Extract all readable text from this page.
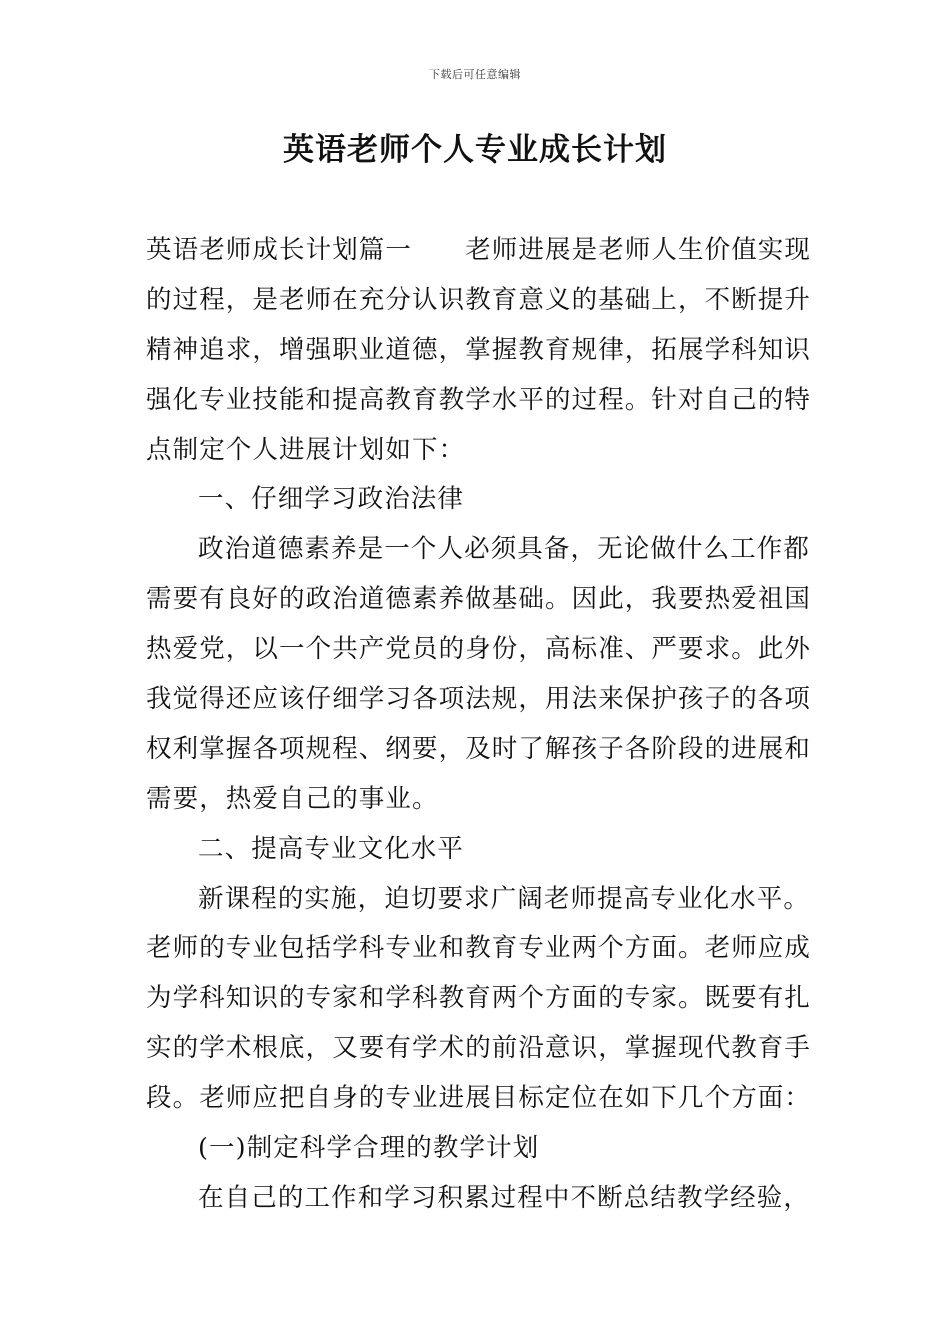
下载后可任意编辑
英语老师个人专业成长计划
英语老师成长计划篇一　　老师进展是老师人生价值实现
的过程，是老师在充分认识教育意义的基础上，不断提升
精神追求，增强职业道德，掌握教育规律，拓展学科知识
强化专业技能和提高教育教学水平的过程。针对自己的特
点制定个人进展计划如下：
一、仔细学习政治法律
政治道德素养是一个人必须具备，无论做什么工作都
需要有良好的政治道德素养做基础。因此，我要热爱祖国
热爱党，以一个共产党员的身份，高标准、严要求。此外
我觉得还应该仔细学习各项法规，用法来保护孩子的各项
权利掌握各项规程、纲要，及时了解孩子各阶段的进展和
需要，热爱自己的事业。
二、提高专业文化水平
新课程的实施，迫切要求广阔老师提高专业化水平。
老师的专业包括学科专业和教育专业两个方面。老师应成
为学科知识的专家和学科教育两个方面的专家。既要有扎
实的学术根底，又要有学术的前沿意识，掌握现代教育手
段。老师应把自身的专业进展目标定位在如下几个方面：
(一)制定科学合理的教学计划
在自己的工作和学习积累过程中不断总结教学经验，
